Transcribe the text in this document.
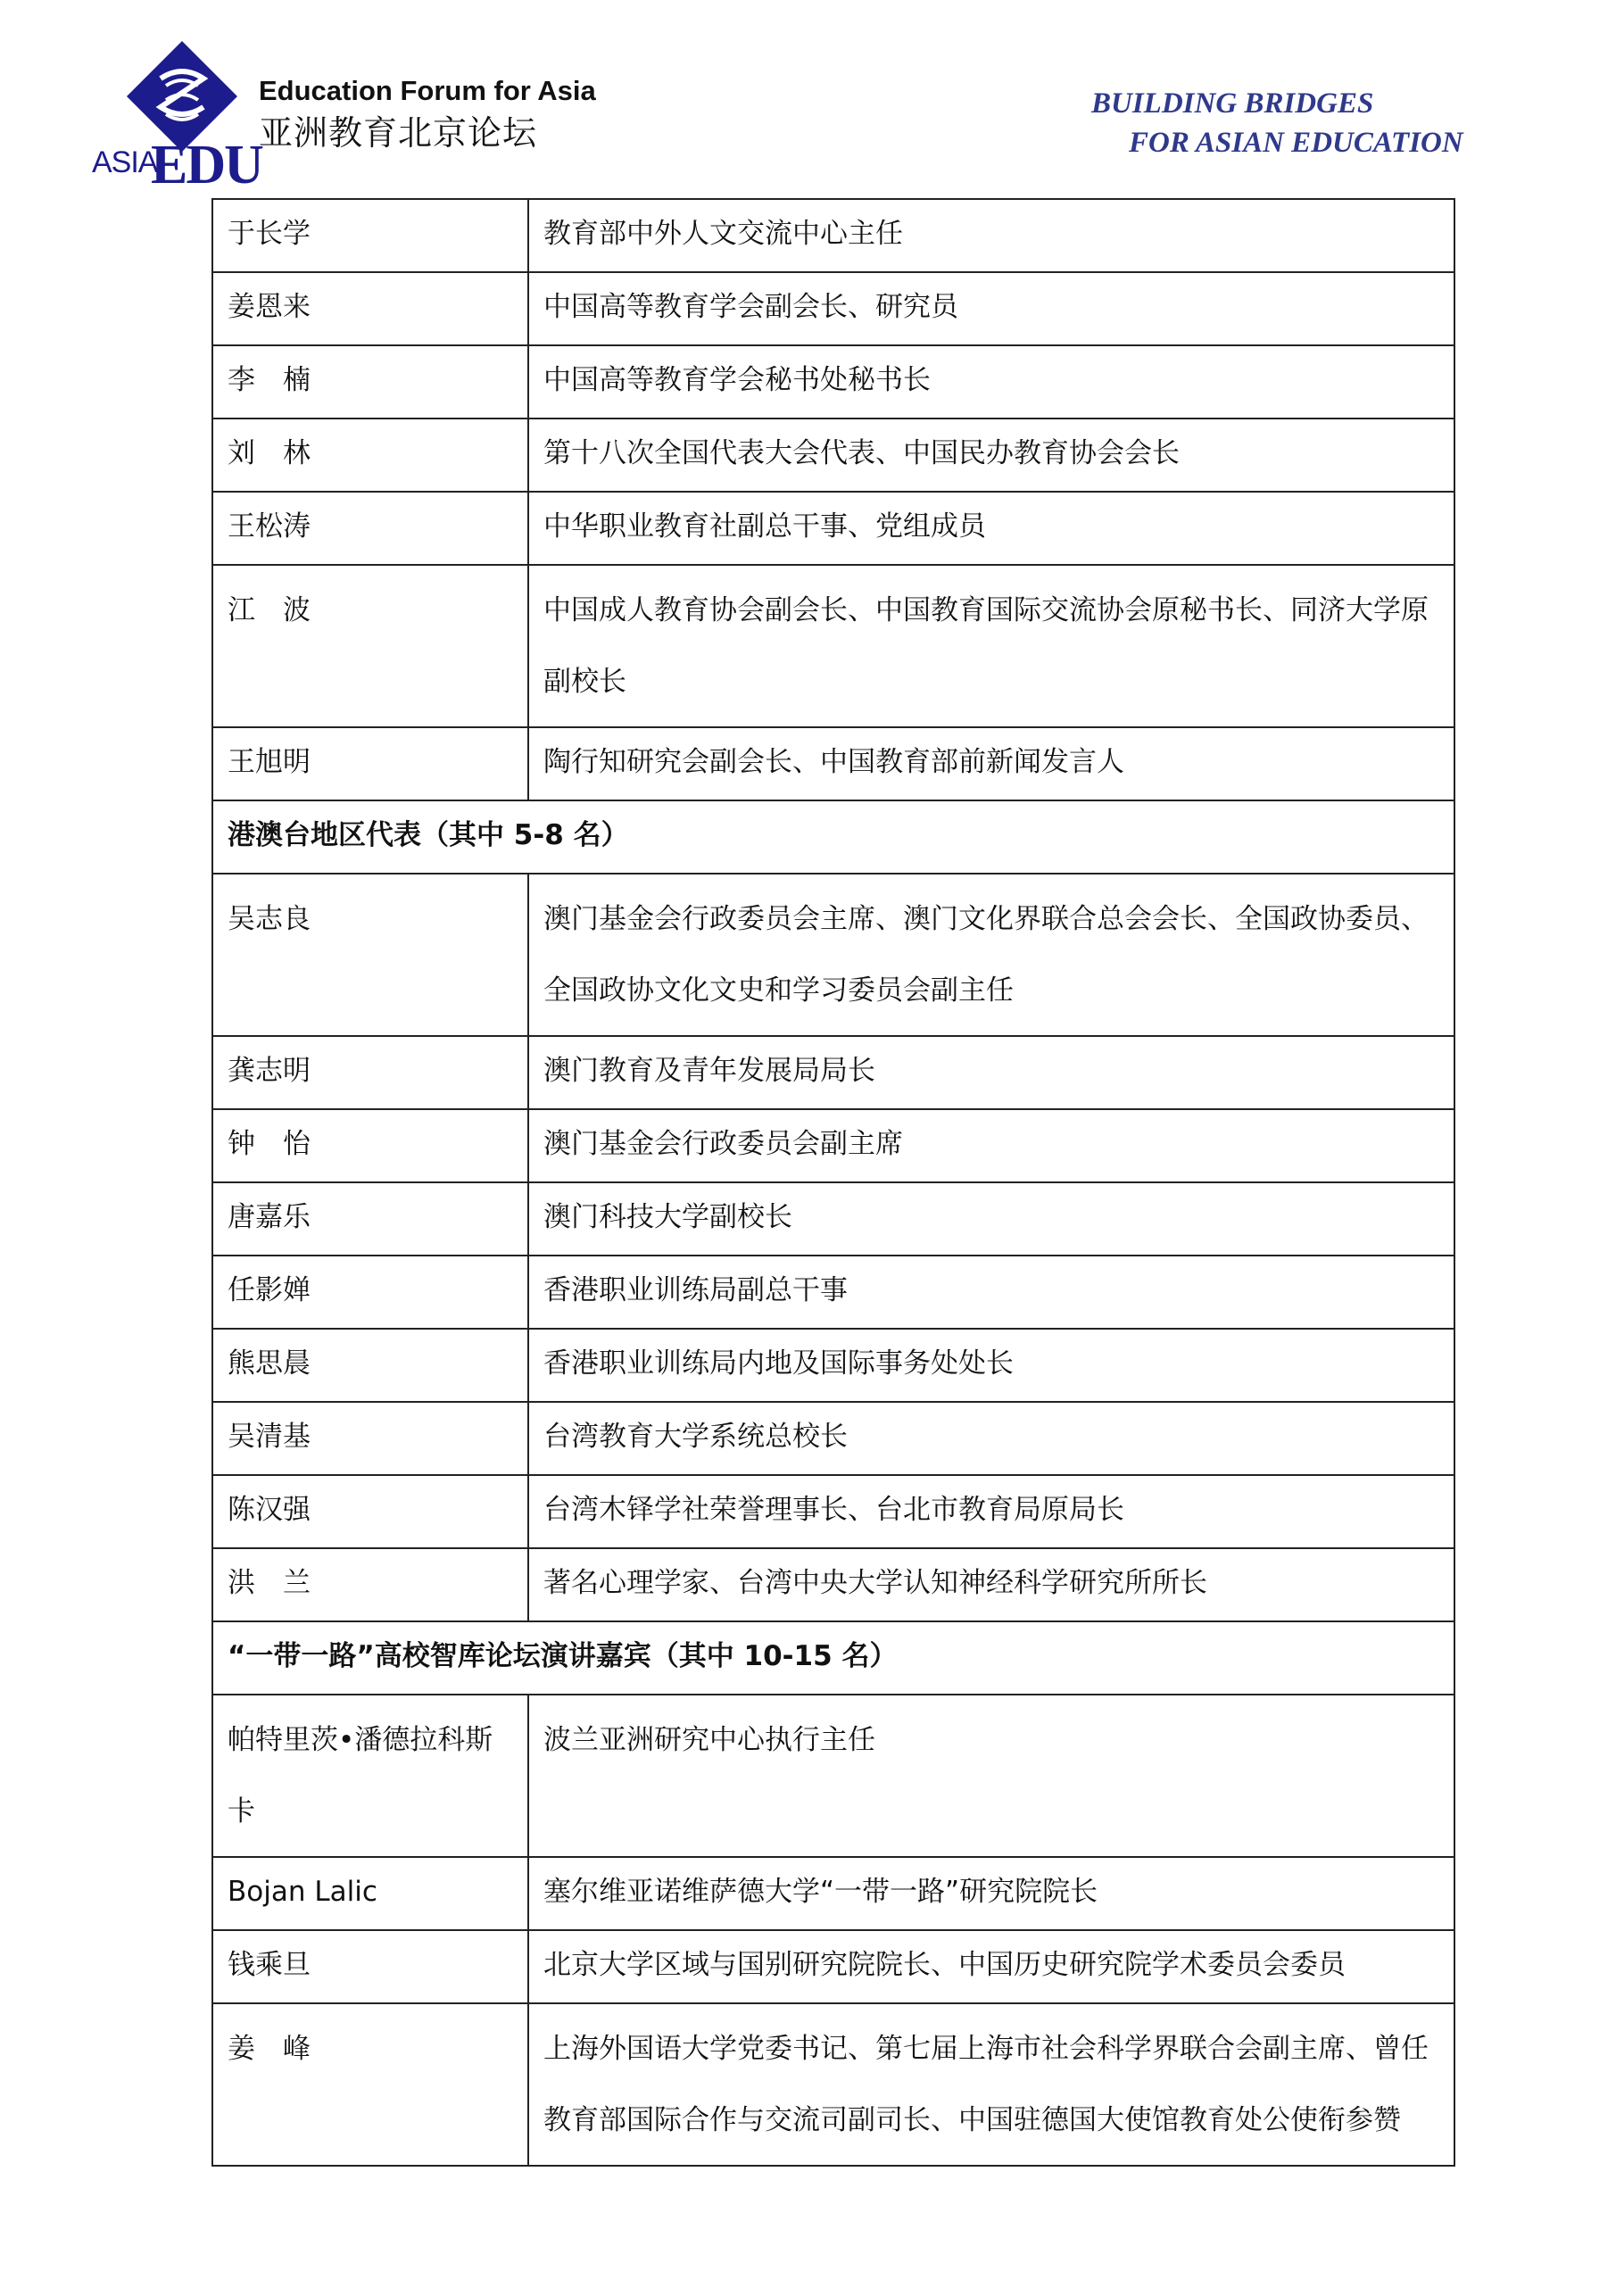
ASIA
EDU
Education Forum for Asia
亚洲教育北京论坛
BUILDING BRIDGES
FOR ASIAN EDUCATION
于长学	教育部中外人文交流中心主任
姜恩来	中国高等教育学会副会长、研究员
李　楠	中国高等教育学会秘书处秘书长
刘　林	第十八次全国代表大会代表、中国民办教育协会会长
王松涛	中华职业教育社副总干事、党组成员
江　波	中国成人教育协会副会长、中国教育国际交流协会原秘书长、同济大学原副校长
王旭明	陶行知研究会副会长、中国教育部前新闻发言人
港澳台地区代表（其中 5-8 名）	
吴志良	澳门基金会行政委员会主席、澳门文化界联合总会会长、全国政协委员、全国政协文化文史和学习委员会副主任
龚志明	澳门教育及青年发展局局长
钟　怡	澳门基金会行政委员会副主席
唐嘉乐	澳门科技大学副校长
任影婵	香港职业训练局副总干事
熊思晨	香港职业训练局内地及国际事务处处长
吴清基	台湾教育大学系统总校长
陈汉强	台湾木铎学社荣誉理事长、台北市教育局原局长
洪　兰	著名心理学家、台湾中央大学认知神经科学研究所所长
“一带一路”高校智库论坛演讲嘉宾（其中 10-15 名）	
帕特里茨•潘德拉科斯卡	波兰亚洲研究中心执行主任
Bojan Lalic	塞尔维亚诺维萨德大学“一带一路”研究院院长
钱乘旦	北京大学区域与国别研究院院长、中国历史研究院学术委员会委员
姜　峰	上海外国语大学党委书记、第七届上海市社会科学界联合会副主席、曾任教育部国际合作与交流司副司长、中国驻德国大使馆教育处公使衔参赞
